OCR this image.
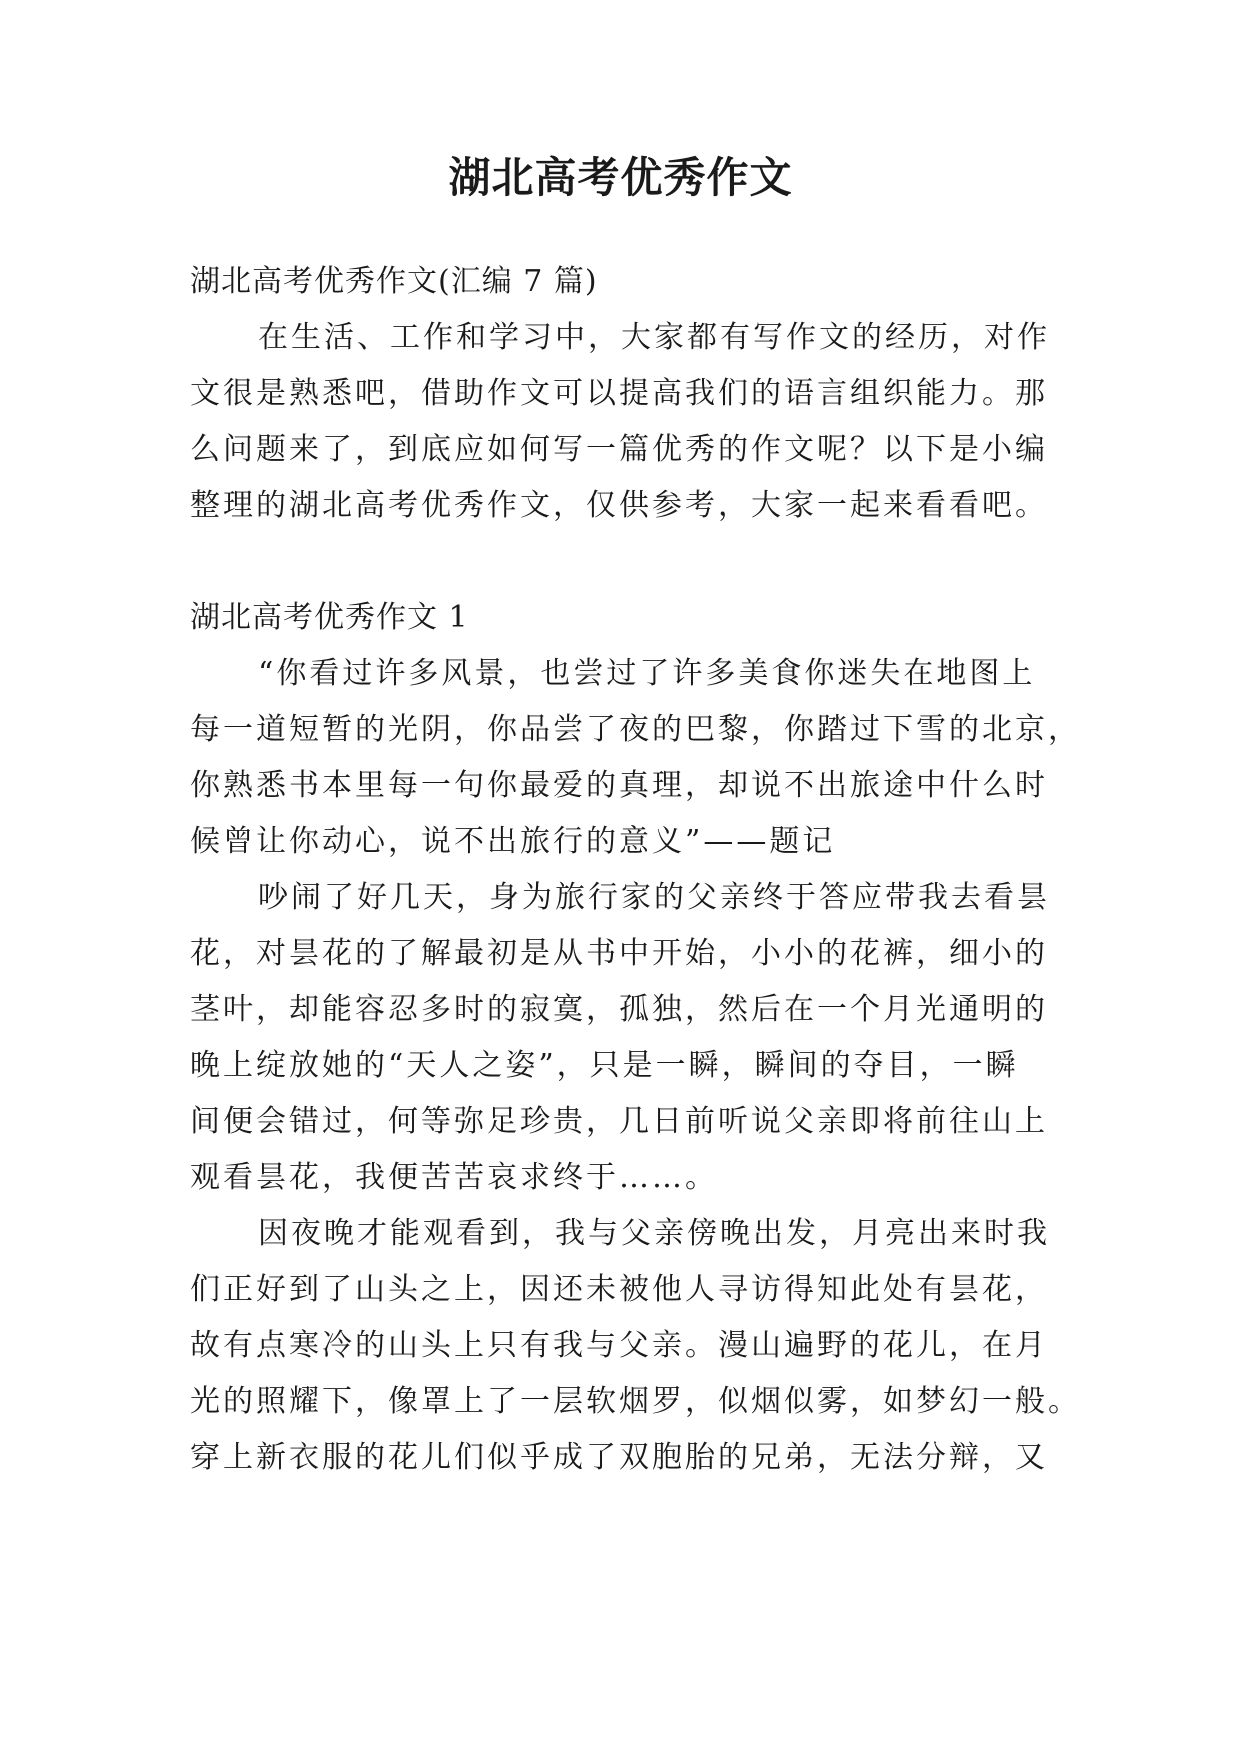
湖北高考优秀作文
湖北高考优秀作文(汇编 7 篇)
在生活、工作和学习中，大家都有写作文的经历，对作
文很是熟悉吧，借助作文可以提高我们的语言组织能力。那
么问题来了，到底应如何写一篇优秀的作文呢？以下是小编
整理的湖北高考优秀作文，仅供参考，大家一起来看看吧。
湖北高考优秀作文 1
“你看过许多风景，也尝过了许多美食你迷失在地图上
每一道短暂的光阴，你品尝了夜的巴黎，你踏过下雪的北京，
你熟悉书本里每一句你最爱的真理，却说不出旅途中什么时
候曾让你动心，说不出旅行的意义”——题记
吵闹了好几天，身为旅行家的父亲终于答应带我去看昙
花，对昙花的了解最初是从书中开始，小小的花裤，细小的
茎叶，却能容忍多时的寂寞，孤独，然后在一个月光通明的
晚上绽放她的“天人之姿”，只是一瞬，瞬间的夺目，一瞬
间便会错过，何等弥足珍贵，几日前听说父亲即将前往山上
观看昙花，我便苦苦哀求终于……。
因夜晚才能观看到，我与父亲傍晚出发，月亮出来时我
们正好到了山头之上，因还未被他人寻访得知此处有昙花，
故有点寒冷的山头上只有我与父亲。漫山遍野的花儿，在月
光的照耀下，像罩上了一层软烟罗，似烟似雾，如梦幻一般。
穿上新衣服的花儿们似乎成了双胞胎的兄弟，无法分辩，又
